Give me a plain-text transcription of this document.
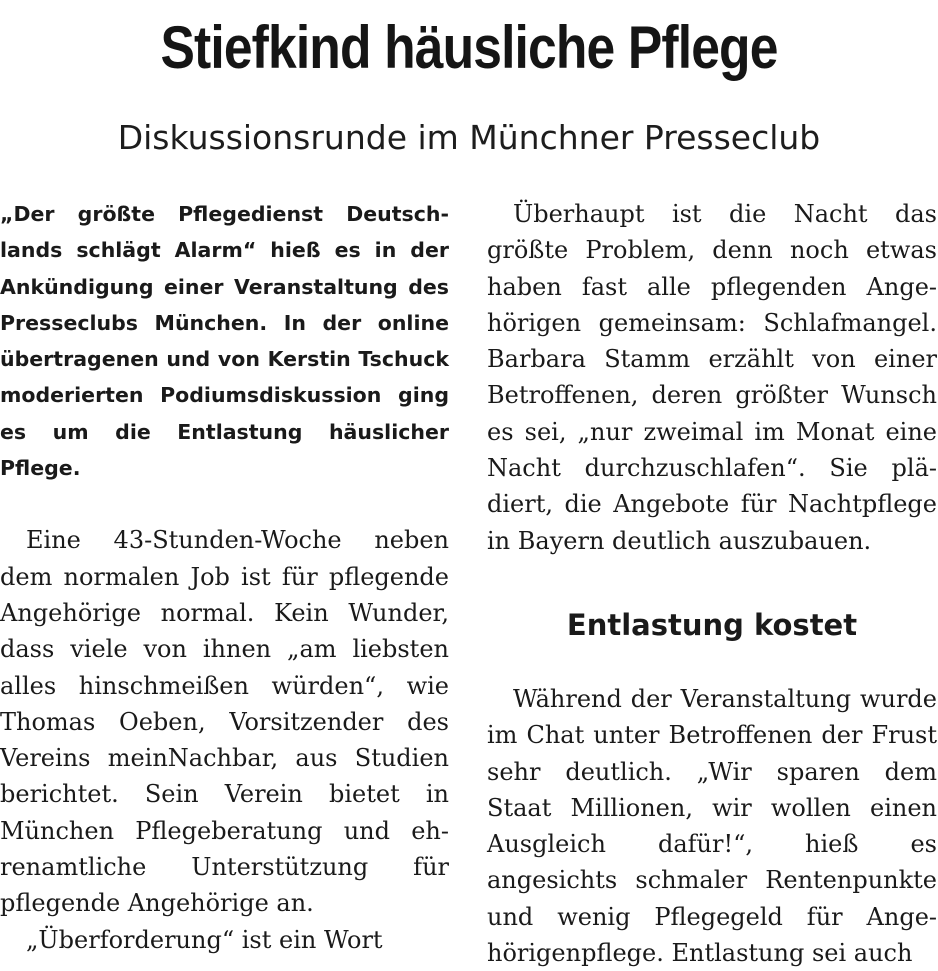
Stiefkind häusliche Pflege
Diskussionsrunde im Münchner Presseclub

„Der größte Pflegedienst Deutschlands schlägt Alarm“ hieß es in der Ankündigung einer Veranstaltung des Presseclubs München. In der online übertragenen und von Kerstin Tschuck moderierten Podiumsdiskussion ging es um die Entlastung häuslicher Pflege.

Eine 43-Stunden-Woche neben dem normalen Job ist für pflegende Angehörige normal. Kein Wunder, dass viele von ihnen „am liebsten alles hinschmeißen würden“, wie Thomas Oeben, Vorsitzender des Vereins meinNachbar, aus Studien berichtet. Sein Verein bietet in München Pflegeberatung und ehrenamtliche Unterstützung für pflegende Angehörige an.

„Überforderung“ ist ein Wort

Überhaupt ist die Nacht das größte Problem, denn noch etwas haben fast alle pflegenden Angehörigen gemeinsam: Schlafmangel. Barbara Stamm erzählt von einer Betroffenen, deren größter Wunsch es sei, „nur zweimal im Monat eine Nacht durchzuschlafen“. Sie plädiert, die Angebote für Nachtpflege in Bayern deutlich auszubauen.

Entlastung kostet

Während der Veranstaltung wurde im Chat unter Betroffenen der Frust sehr deutlich. „Wir sparen dem Staat Millionen, wir wollen einen Ausgleich dafür!“, hieß es angesichts schmaler Rentenpunkte und wenig Pflegegeld für Angehörigenpflege. Entlastung sei auch
